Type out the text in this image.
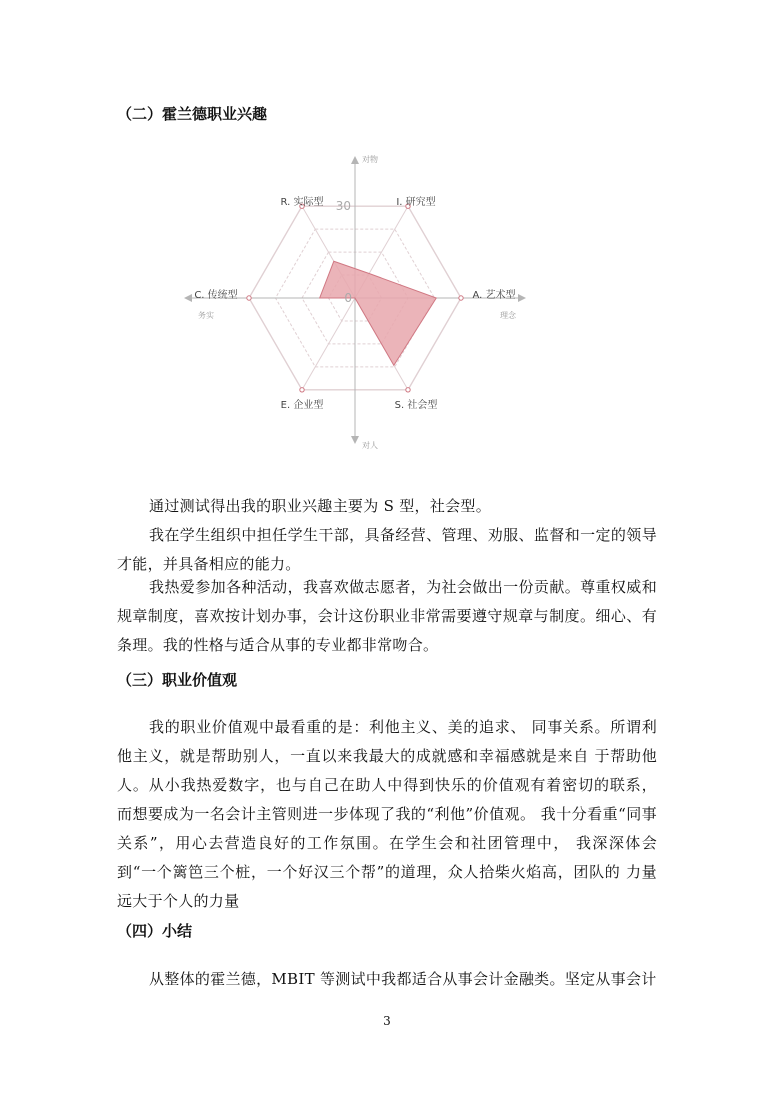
（二）霍兰德职业兴趣
R. 实际型	I. 研究型
A. 艺术型
S. 社会型
E. 企业型
C. 传统型
30
0
对物
对人
务实	理念
通过测试得出我的职业兴趣主要为 S 型，社会型。
我在学生组织中担任学生干部，具备经营、管理、劝服、监督和一定的领导才能，并具备相应的能力。
我热爱参加各种活动，我喜欢做志愿者，为社会做出一份贡献。尊重权威和规章制度，喜欢按计划办事，会计这份职业非常需要遵守规章与制度。细心、有条理。我的性格与适合从事的专业都非常吻合。
（三）职业价值观
我的职业价值观中最看重的是：利他主义、美的追求、 同事关系。所谓利他主义，就是帮助别人，一直以来我最大的成就感和幸福感就是来自 于帮助他人。从小我热爱数字，也与自己在助人中得到快乐的价值观有着密切的联系， 而想要成为一名会计主管则进一步体现了我的“利他”价值观。 我十分看重“同事关系”，用心去营造良好的工作氛围。在学生会和社团管理中， 我深深体会到“一个篱笆三个桩，一个好汉三个帮”的道理，众人拾柴火焰高，团队的 力量远大于个人的力量
（四）小结
从整体的霍兰德，MBIT 等测试中我都适合从事会计金融类。坚定从事会计
3
